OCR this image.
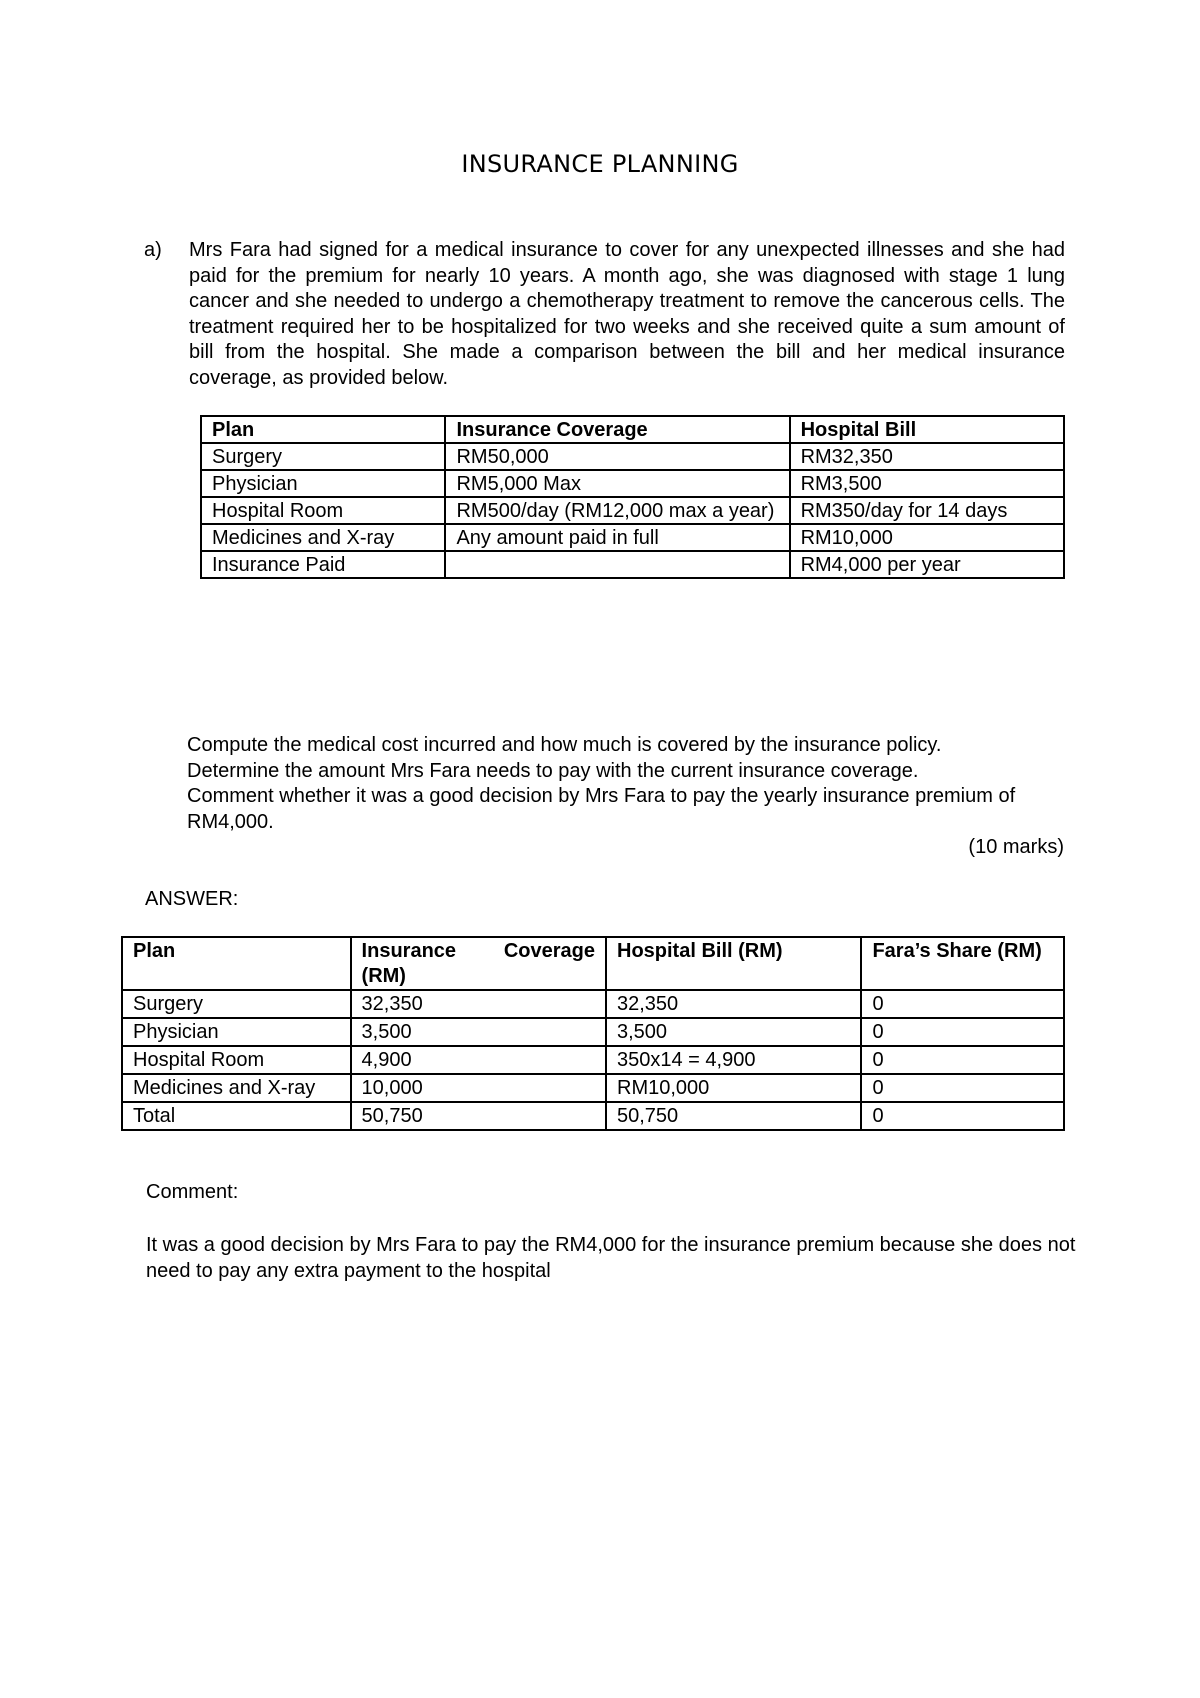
INSURANCE PLANNING
a) Mrs Fara had signed for a medical insurance to cover for any unexpected illnesses and she had paid for the premium for nearly 10 years. A month ago, she was diagnosed with stage 1 lung cancer and she needed to undergo a chemotherapy treatment to remove the cancerous cells. The treatment required her to be hospitalized for two weeks and she received quite a sum amount of bill from the hospital. She made a comparison between the bill and her medical insurance coverage, as provided below.
Plan	Insurance Coverage	Hospital Bill
Surgery	RM50,000	RM32,350
Physician	RM5,000 Max	RM3,500
Hospital Room	RM500/day (RM12,000 max a year)	RM350/day for 14 days
Medicines and X-ray	Any amount paid in full	RM10,000
Insurance Paid		RM4,000 per year
Compute the medical cost incurred and how much is covered by the insurance policy.
Determine the amount Mrs Fara needs to pay with the current insurance coverage.
Comment whether it was a good decision by Mrs Fara to pay the yearly insurance premium of RM4,000.
(10 marks)
ANSWER:
Plan	Insurance Coverage (RM)	Hospital Bill (RM)	Fara’s Share (RM)
Surgery	32,350	32,350	0
Physician	3,500	3,500	0
Hospital Room	4,900	350x14 = 4,900	0
Medicines and X-ray	10,000	RM10,000	0
Total	50,750	50,750	0
Comment:
It was a good decision by Mrs Fara to pay the RM4,000 for the insurance premium because she does not need to pay any extra payment to the hospital
